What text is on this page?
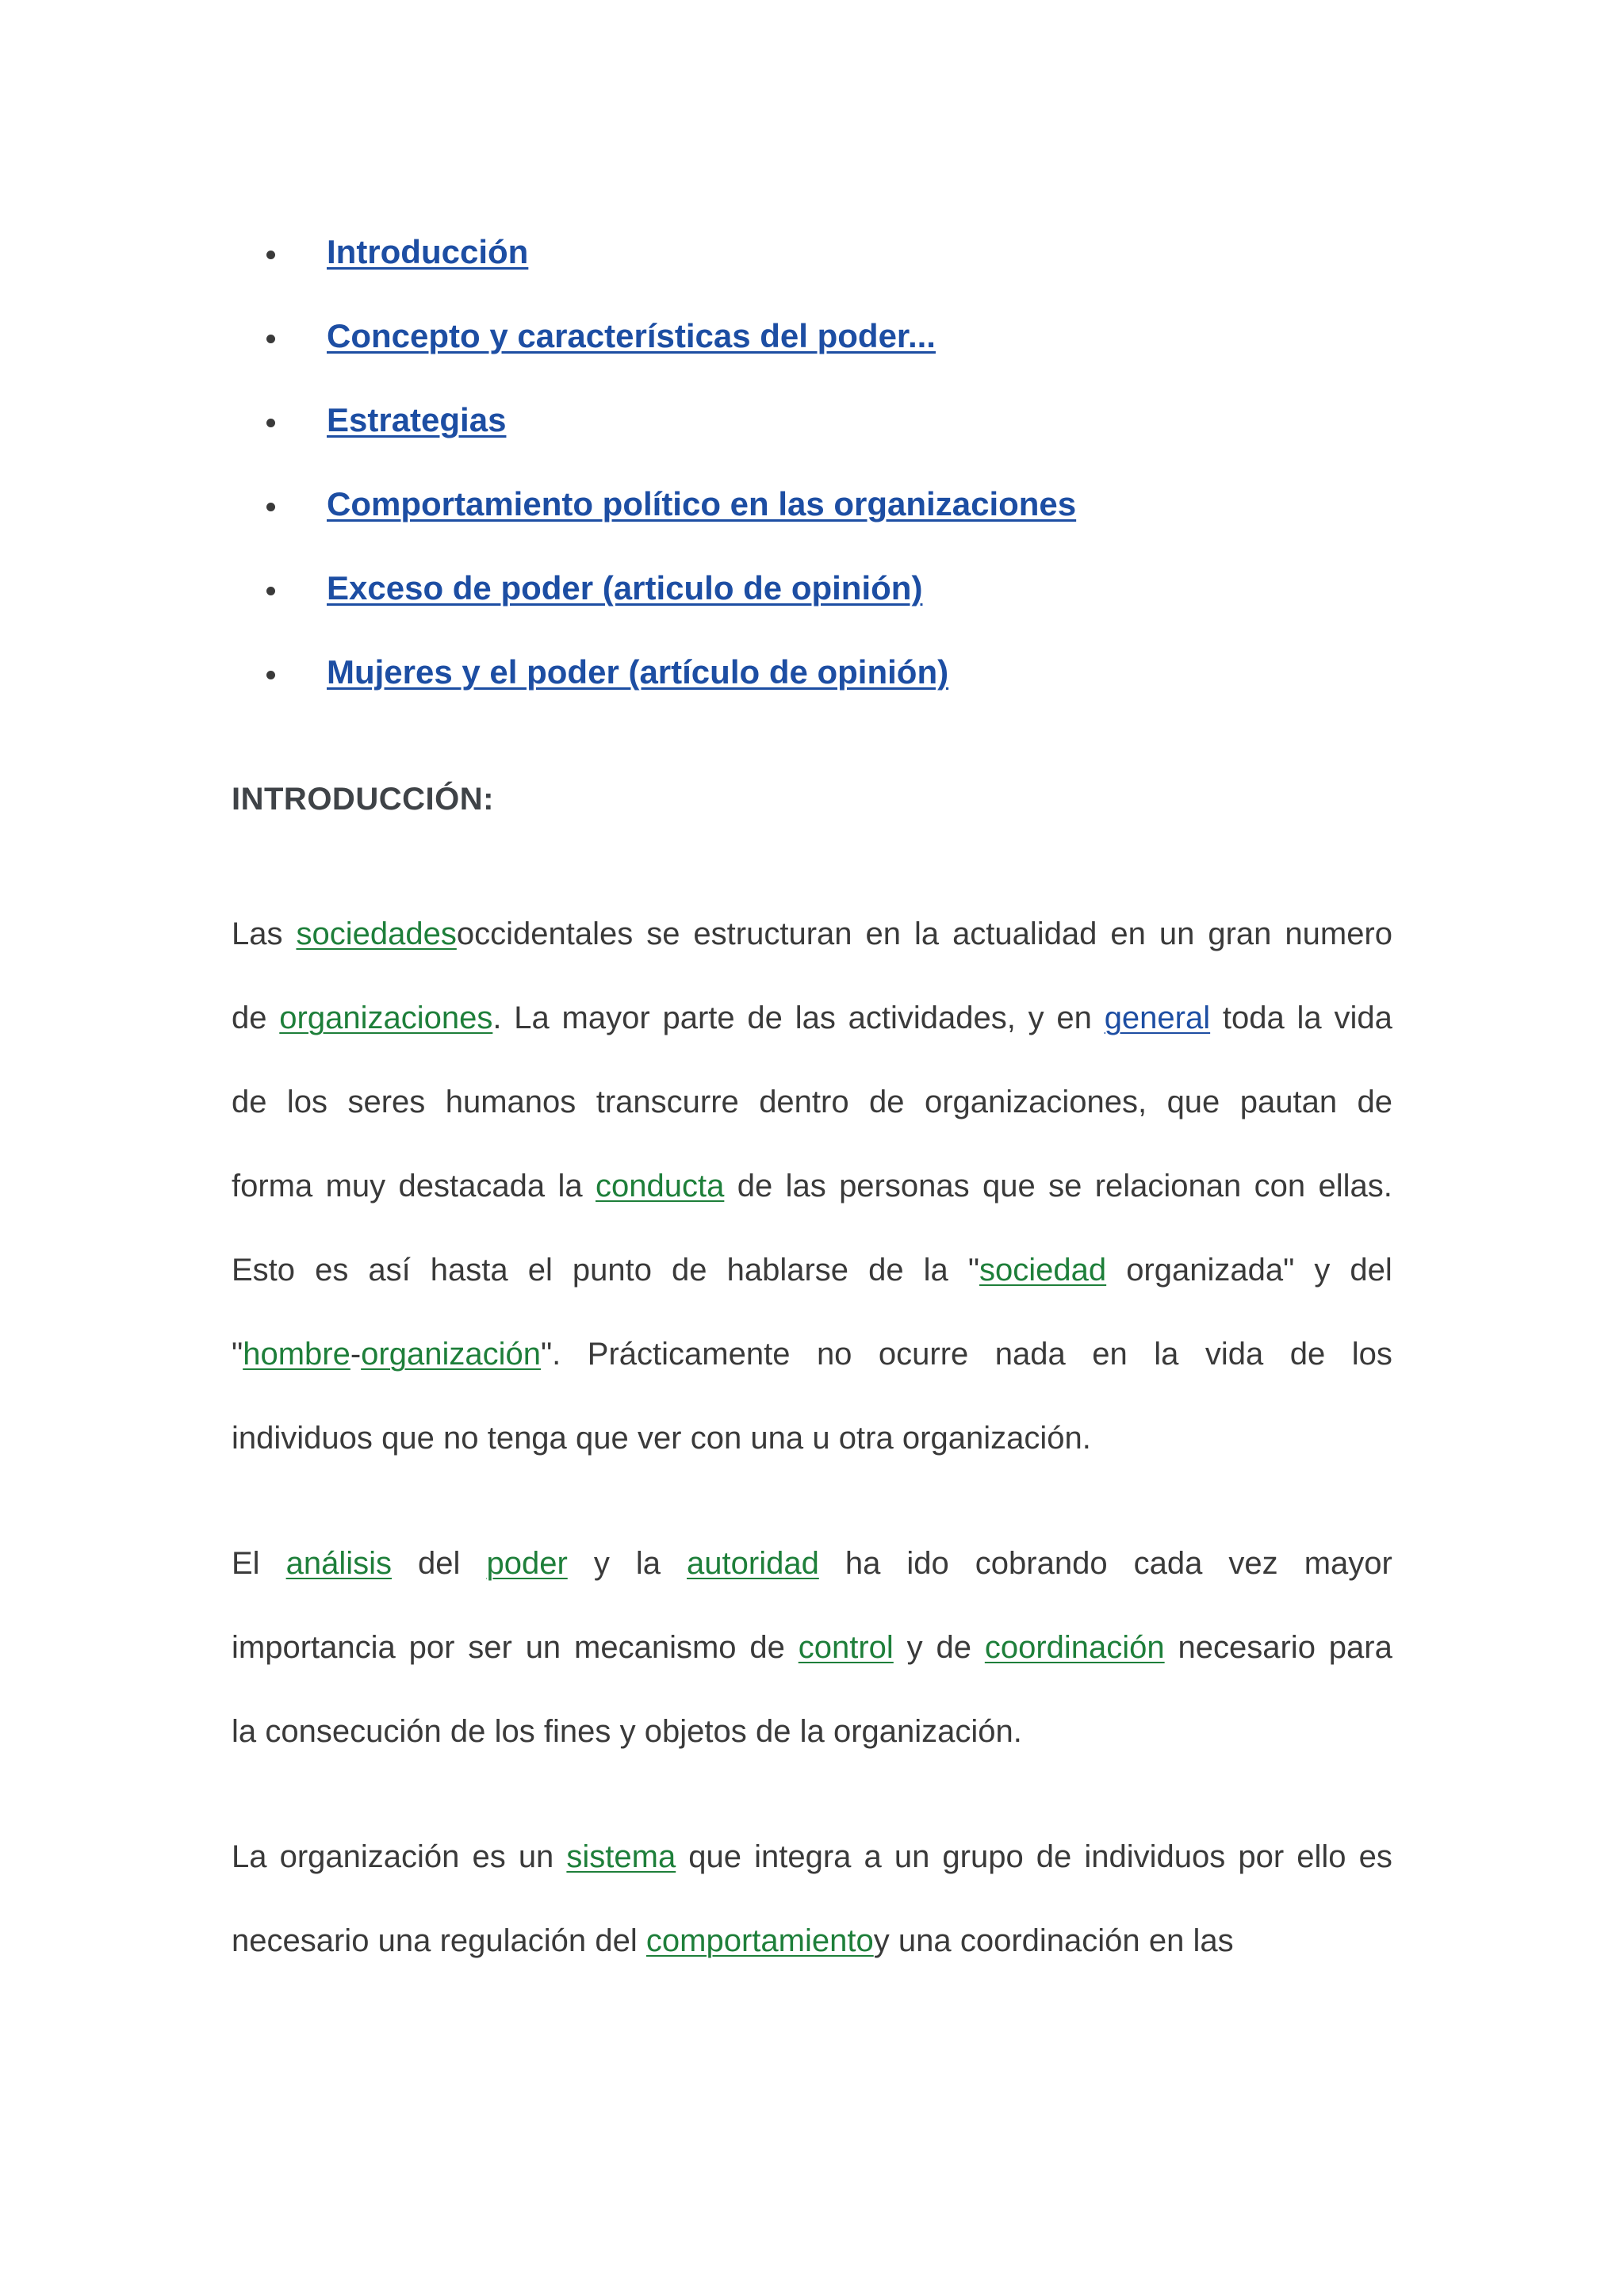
Introducción
Concepto y características del poder...
Estrategias
Comportamiento político en las organizaciones
Exceso de poder (articulo de opinión)
Mujeres y el poder (artículo de opinión)
INTRODUCCIÓN:
Las sociedadesoccidentales se estructuran en la actualidad en un gran numero
de organizaciones. La mayor parte de las actividades, y en general toda la vida
de los seres humanos transcurre dentro de organizaciones, que pautan de
forma muy destacada la conducta de las personas que se relacionan con ellas.
Esto es así hasta el punto de hablarse de la "sociedad organizada" y del
"hombre-organización". Prácticamente no ocurre nada en la vida de los
individuos que no tenga que ver con una u otra organización.
El análisis del poder y la autoridad ha ido cobrando cada vez mayor
importancia por ser un mecanismo de control y de coordinación necesario para
la consecución de los fines y objetos de la organización.
La organización es un sistema que integra a un grupo de individuos por ello es
necesario una regulación del comportamientoy una coordinación en las
